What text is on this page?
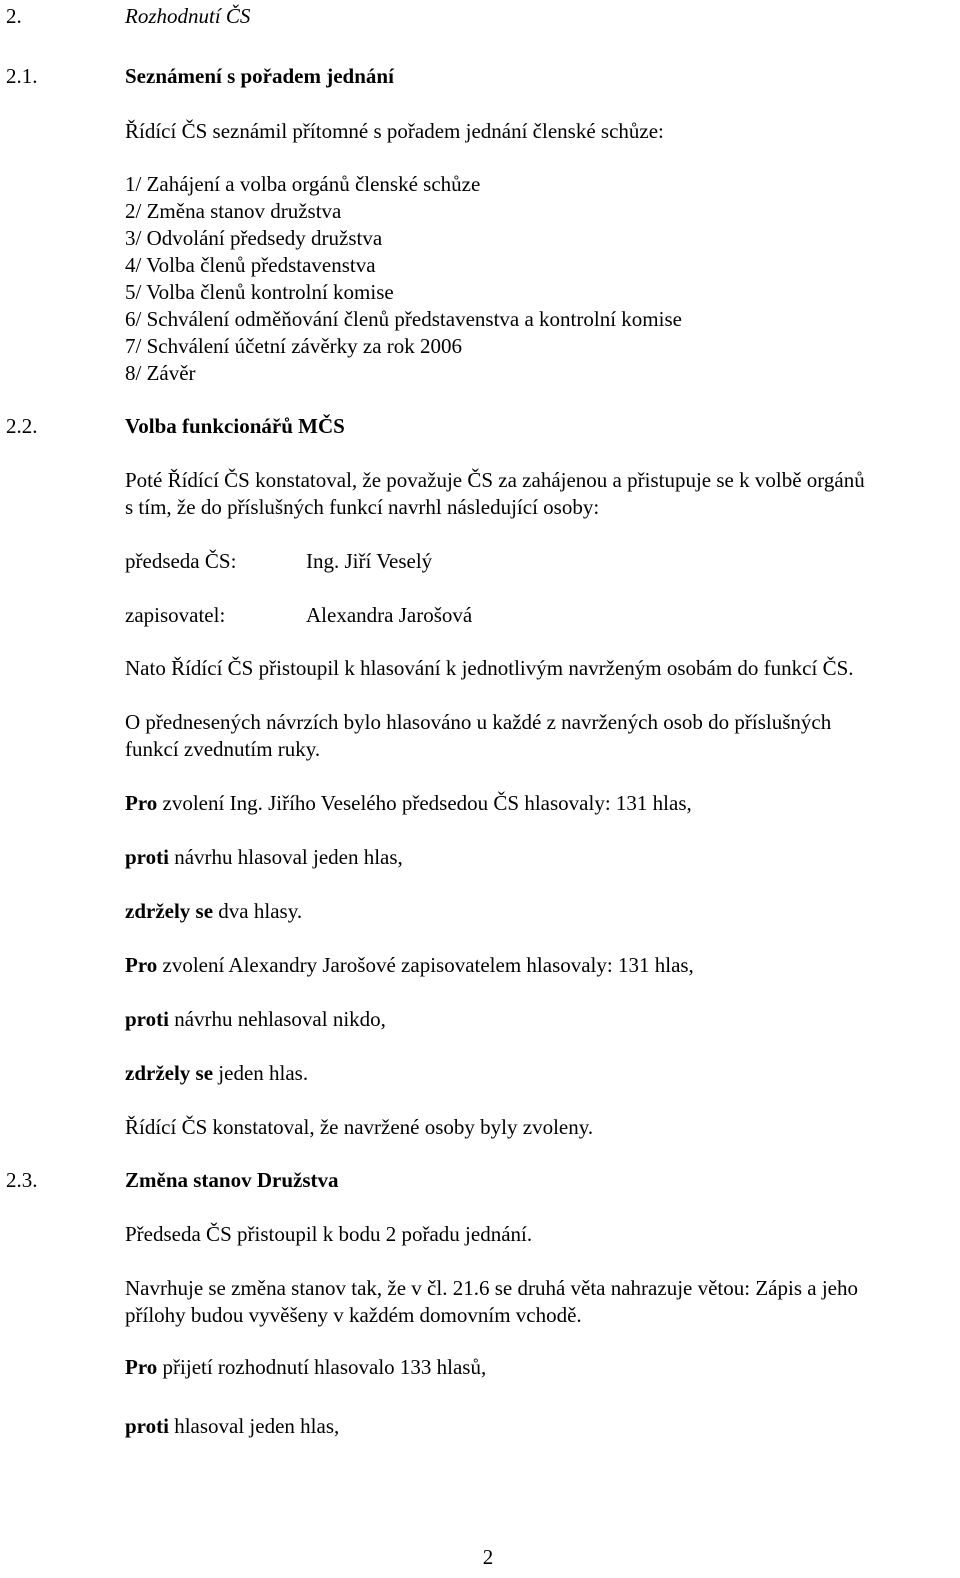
2.	Rozhodnutí ČS
2.1.	Seznámení s pořadem jednání
Řídící ČS seznámil přítomné s pořadem jednání členské schůze:
1/ Zahájení a volba orgánů členské schůze
2/ Změna stanov družstva
3/ Odvolání předsedy družstva
4/ Volba členů představenstva
5/ Volba členů kontrolní komise
6/ Schválení odměňování členů představenstva a kontrolní komise
7/ Schválení účetní závěrky za rok 2006
8/ Závěr
2.2.	Volba funkcionářů MČS
Poté Řídící ČS konstatoval, že považuje ČS za zahájenou a přistupuje se k volbě orgánů
s tím, že do příslušných funkcí navrhl následující osoby:
předseda ČS:	Ing. Jiří Veselý
zapisovatel:	Alexandra Jarošová
Nato Řídící ČS přistoupil k hlasování k jednotlivým navrženým osobám do funkcí ČS.
O přednesených návrzích bylo hlasováno u každé z navržených osob do příslušných
funkcí zvednutím ruky.
Pro zvolení Ing. Jiřího Veselého předsedou ČS hlasovaly: 131 hlas,
proti návrhu hlasoval jeden hlas,
zdržely se dva hlasy.
Pro zvolení Alexandry Jarošové zapisovatelem hlasovaly: 131 hlas,
proti návrhu nehlasoval nikdo,
zdržely se jeden hlas.
Řídící ČS konstatoval, že navržené osoby byly zvoleny.
2.3.	Změna stanov Družstva
Předseda ČS přistoupil k bodu 2 pořadu jednání.
Navrhuje se změna stanov tak, že v čl. 21.6 se druhá věta nahrazuje větou: Zápis a jeho
přílohy budou vyvěšeny v každém domovním vchodě.
Pro přijetí rozhodnutí hlasovalo 133 hlasů,
proti hlasoval jeden hlas,
2
